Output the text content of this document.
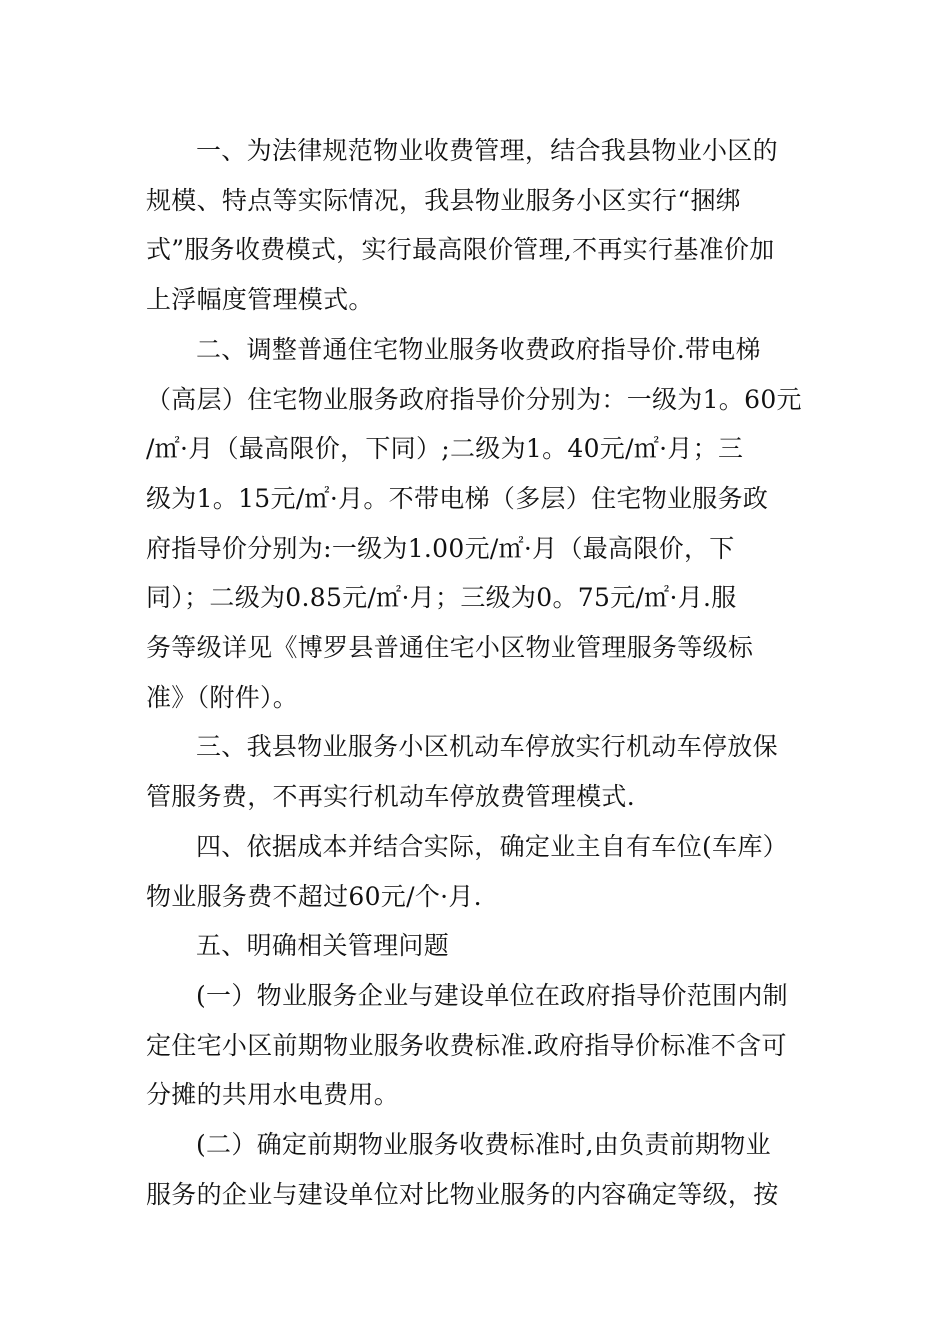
一、为法律规范物业收费管理，结合我县物业小区的

规模、特点等实际情况，我县物业服务小区实行“捆绑

式”服务收费模式，实行最高限价管理,不再实行基准价加

上浮幅度管理模式。

二、调整普通住宅物业服务收费政府指导价.带电梯

（高层）住宅物业服务政府指导价分别为：一级为1。60元

/㎡·月（最高限价，下同）;二级为1。40元/㎡·月；三

级为1。15元/㎡·月。不带电梯（多层）住宅物业服务政

府指导价分别为:一级为1.00元/㎡·月（最高限价，下

同）；二级为0.85元/㎡·月；三级为0。75元/㎡·月.服

务等级详见《博罗县普通住宅小区物业管理服务等级标

准》（附件）。

三、我县物业服务小区机动车停放实行机动车停放保

管服务费，不再实行机动车停放费管理模式.

四、依据成本并结合实际，确定业主自有车位(车库）

物业服务费不超过60元/个·月.

五、明确相关管理问题

(一）物业服务企业与建设单位在政府指导价范围内制

定住宅小区前期物业服务收费标准.政府指导价标准不含可

分摊的共用水电费用。

(二）确定前期物业服务收费标准时,由负责前期物业

服务的企业与建设单位对比物业服务的内容确定等级，按
